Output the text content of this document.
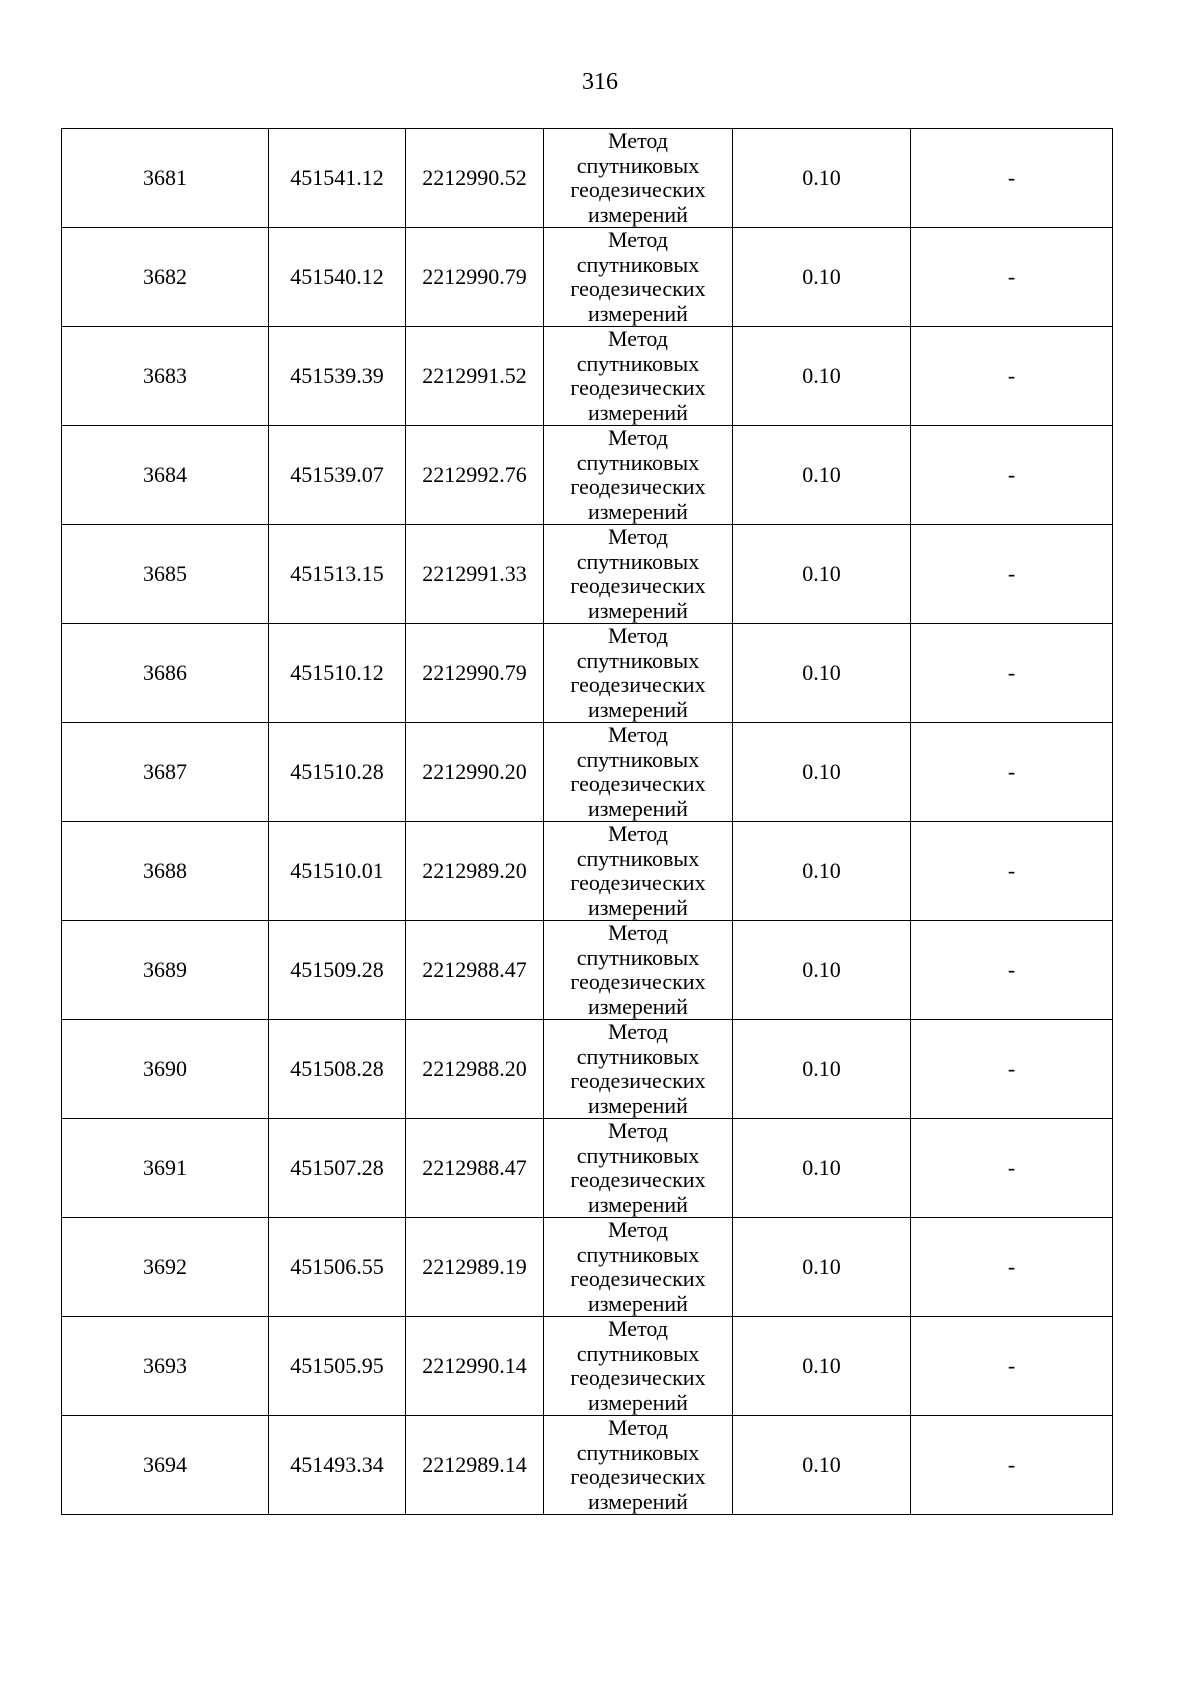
316
3681	451541.12	2212990.52	Метод
спутниковых
геодезических
измерений	0.10	-
3682	451540.12	2212990.79	Метод
спутниковых
геодезических
измерений	0.10	-
3683	451539.39	2212991.52	Метод
спутниковых
геодезических
измерений	0.10	-
3684	451539.07	2212992.76	Метод
спутниковых
геодезических
измерений	0.10	-
3685	451513.15	2212991.33	Метод
спутниковых
геодезических
измерений	0.10	-
3686	451510.12	2212990.79	Метод
спутниковых
геодезических
измерений	0.10	-
3687	451510.28	2212990.20	Метод
спутниковых
геодезических
измерений	0.10	-
3688	451510.01	2212989.20	Метод
спутниковых
геодезических
измерений	0.10	-
3689	451509.28	2212988.47	Метод
спутниковых
геодезических
измерений	0.10	-
3690	451508.28	2212988.20	Метод
спутниковых
геодезических
измерений	0.10	-
3691	451507.28	2212988.47	Метод
спутниковых
геодезических
измерений	0.10	-
3692	451506.55	2212989.19	Метод
спутниковых
геодезических
измерений	0.10	-
3693	451505.95	2212990.14	Метод
спутниковых
геодезических
измерений	0.10	-
3694	451493.34	2212989.14	Метод
спутниковых
геодезических
измерений	0.10	-
